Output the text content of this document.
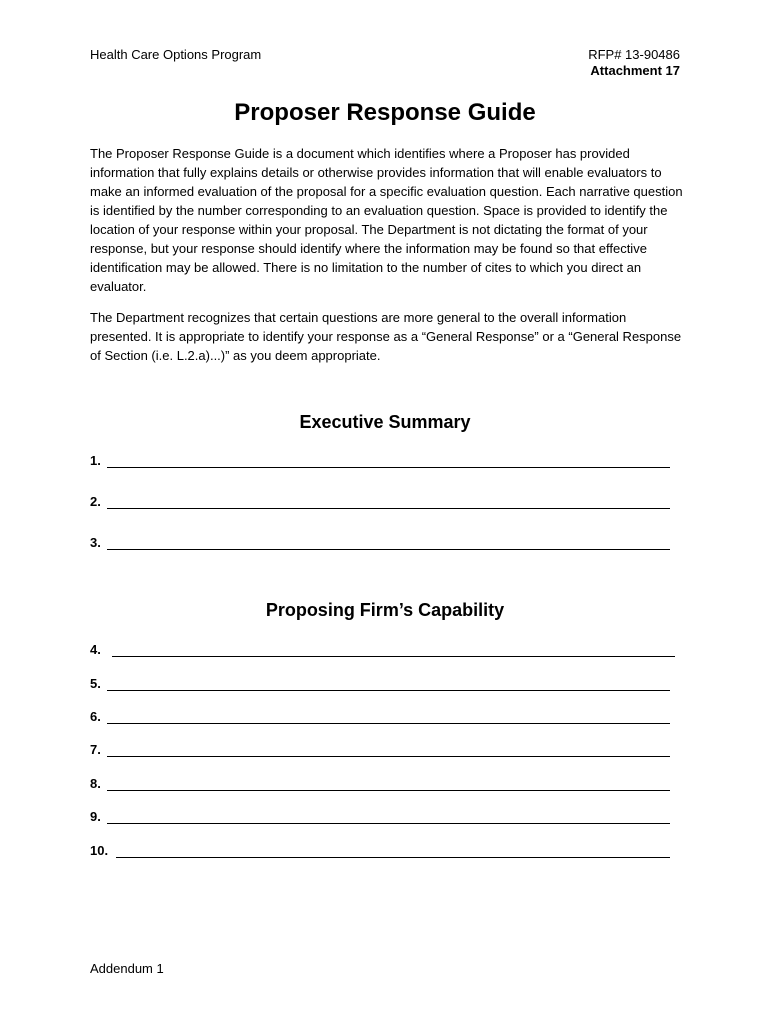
Health Care Options Program	RFP# 13-90486
Attachment 17
Proposer Response Guide

The Proposer Response Guide is a document which identifies where a Proposer has provided information that fully explains details or otherwise provides information that will enable evaluators to make an informed evaluation of the proposal for a specific evaluation question. Each narrative question is identified by the number corresponding to an evaluation question. Space is provided to identify the location of your response within your proposal. The Department is not dictating the format of your response, but your response should identify where the information may be found so that effective identification may be allowed. There is no limitation to the number of cites to which you direct an evaluator.

The Department recognizes that certain questions are more general to the overall information presented. It is appropriate to identify your response as a “General Response” or a “General Response of Section (i.e. L.2.a)...)” as you deem appropriate.

Executive Summary
1.
2.
3.
Proposing Firm’s Capability
4.
5.
6.
7.
8.
9.
10.
Addendum 1
